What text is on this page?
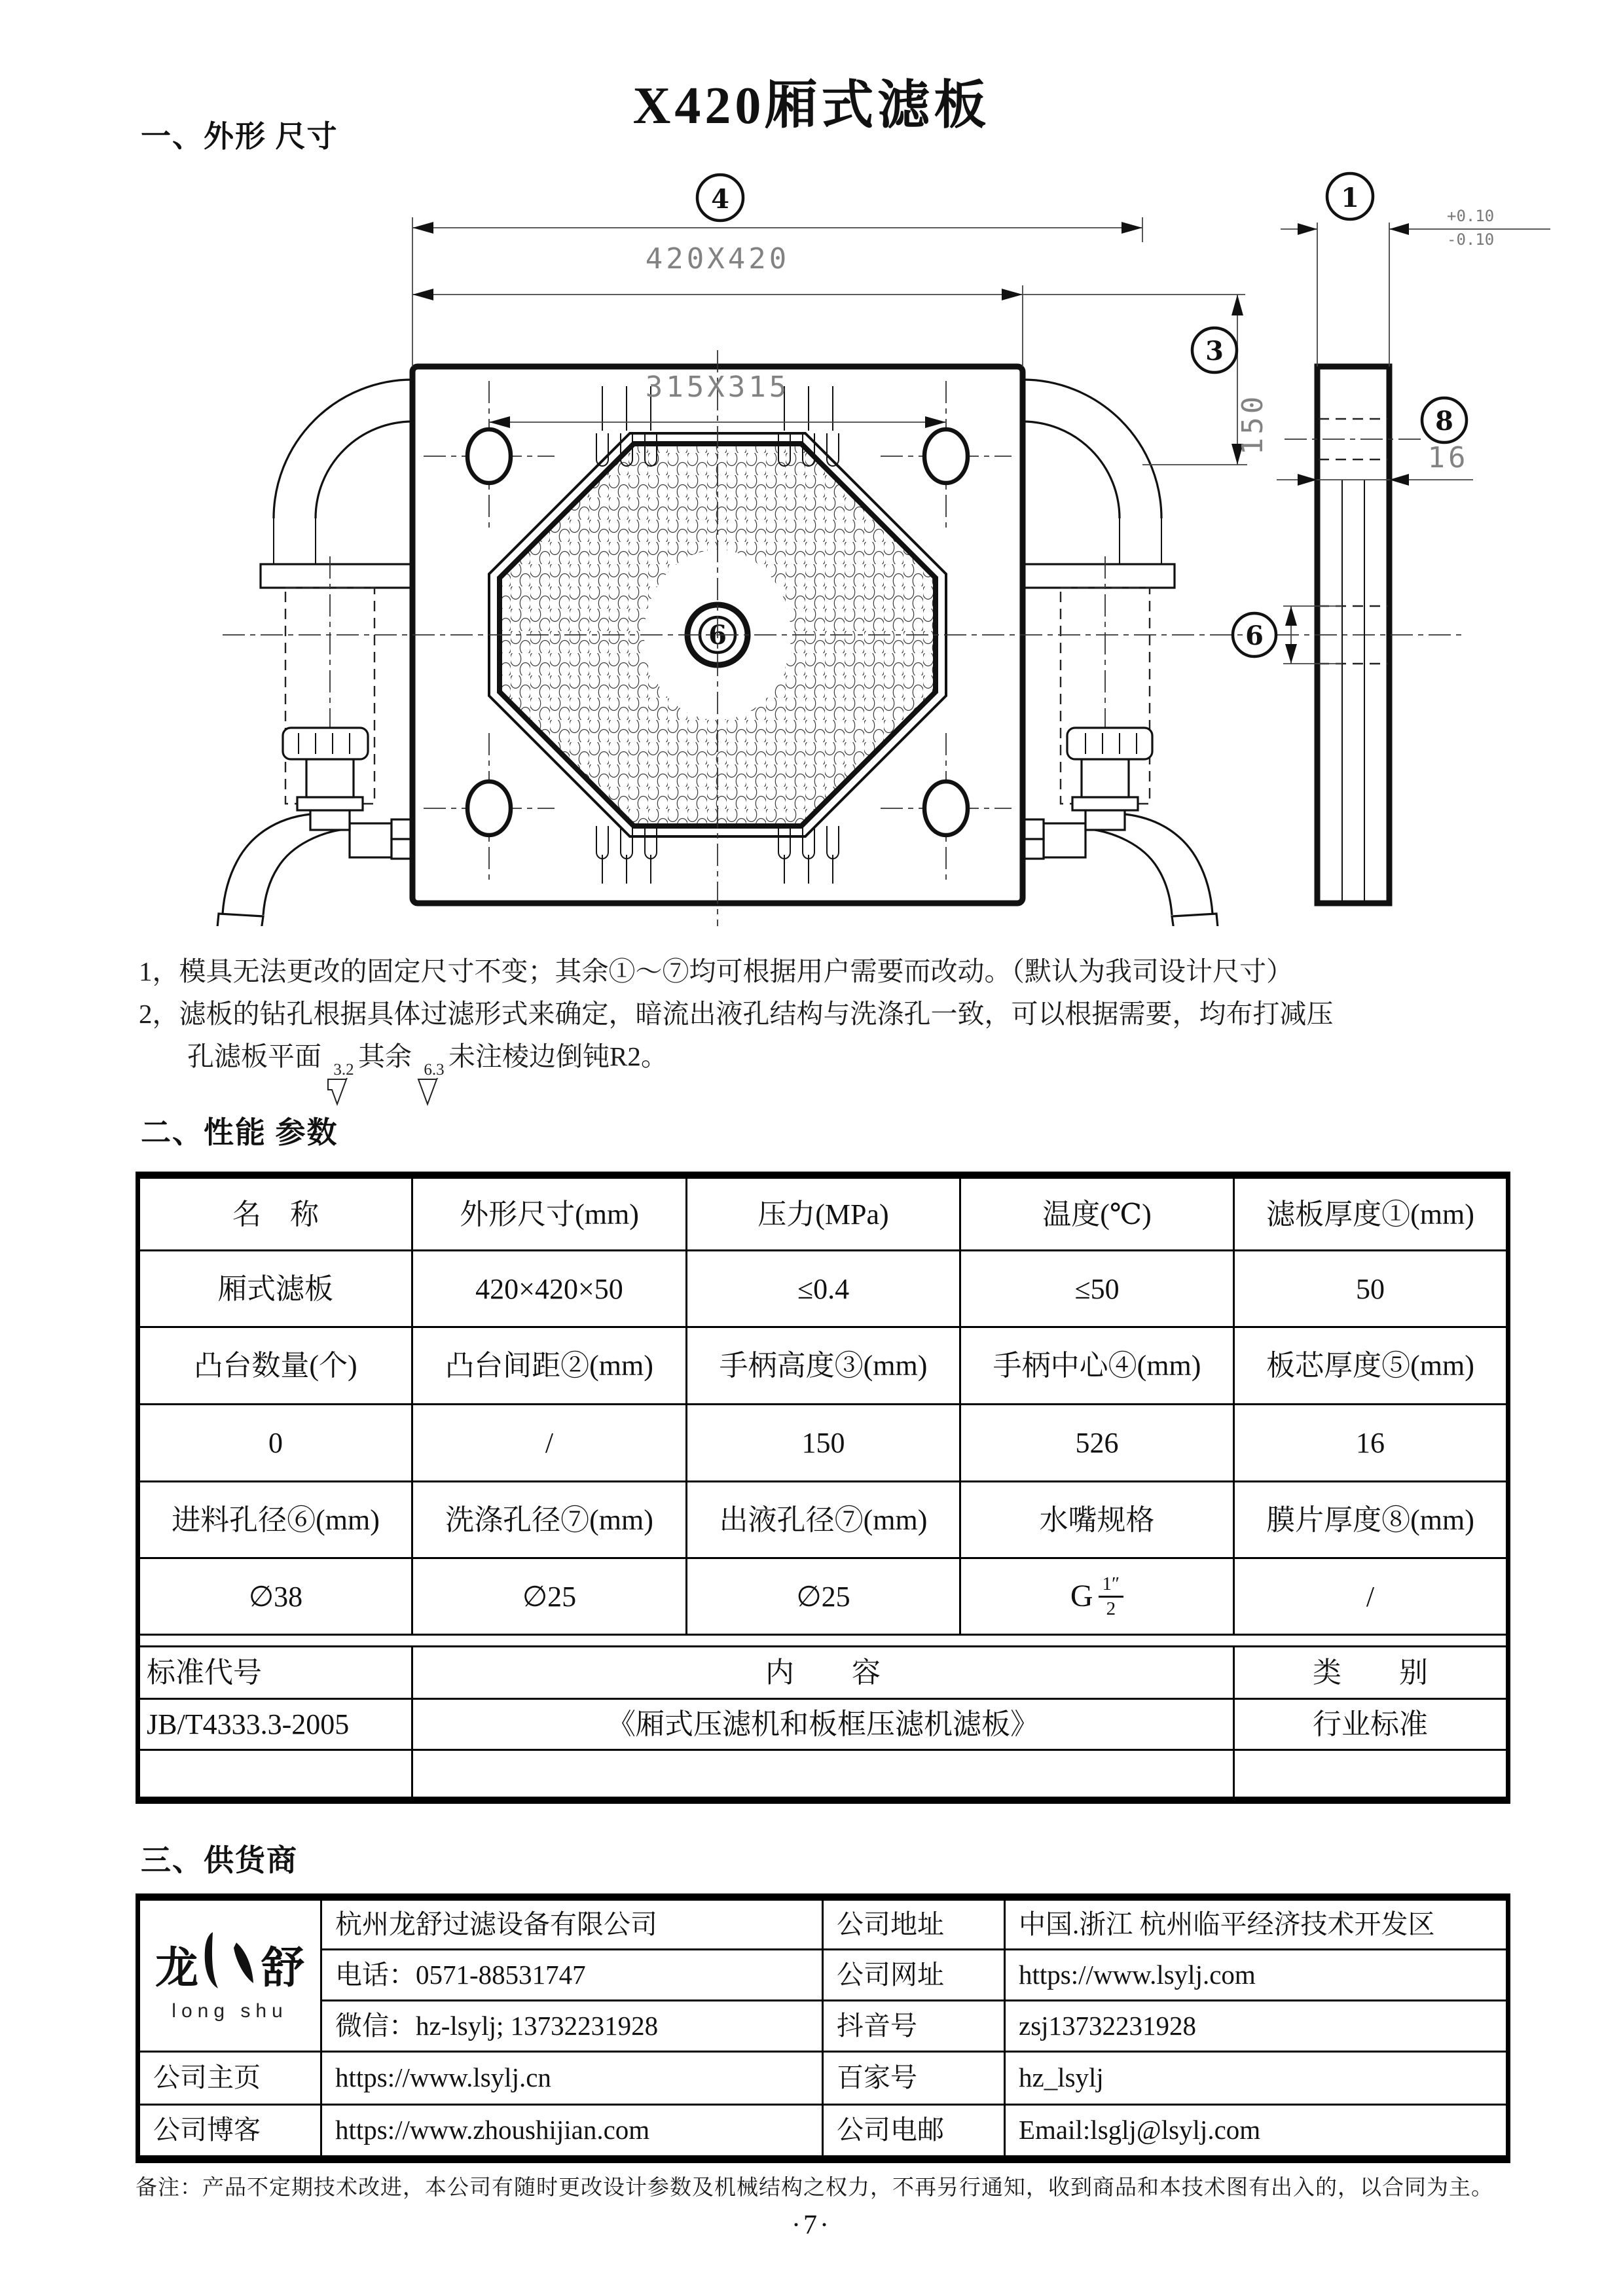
X420厢式滤板
一、外形 尺寸
6
4
420X420
315X315
3
150
1
+0.10
-0.10
8
16
6
1，模具无法更改的固定尺寸不变；其余①～⑦均可根据用户需要而改动。（默认为我司设计尺寸）
2，滤板的钻孔根据具体过滤形式来确定，暗流出液孔结构与洗涤孔一致，可以根据需要，均布打减压
孔滤板平面 3.2 其余 6.3 未注棱边倒钝R2。
二、性能 参数
名　称	外形尺寸(mm)	压力(MPa)	温度(℃)	滤板厚度①(mm)
厢式滤板	420×420×50	≤0.4	≤50	50
凸台数量(个)	凸台间距②(mm)	手柄高度③(mm)	手柄中心④(mm)	板芯厚度⑤(mm)
0	/	150	526	16
进料孔径⑥(mm)	洗涤孔径⑦(mm)	出液孔径⑦(mm)	水嘴规格	膜片厚度⑧(mm)
∅38	∅25	∅25	G $\frac{1''}{2}$	/

标准代号	内　　容			类　　别
JB/T4333.3-2005	《厢式压滤机和板框压滤机滤板》			行业标准

三、供货商
龙 舒
long shu	杭州龙舒过滤设备有限公司	公司地址	中国.浙江 杭州临平经济技术开发区
	电话：0571-88531747	公司网址	https://www.lsylj.com
	微信：hz-lsylj; 13732231928	抖音号	zsj13732231928
公司主页	https://www.lsylj.cn	百家号	hz_lsylj
公司博客	https://www.zhoushijian.com	公司电邮	Email:lsglj@lsylj.com
备注：产品不定期技术改进，本公司有随时更改设计参数及机械结构之权力，不再另行通知，收到商品和本技术图有出入的，以合同为主。
·7·
